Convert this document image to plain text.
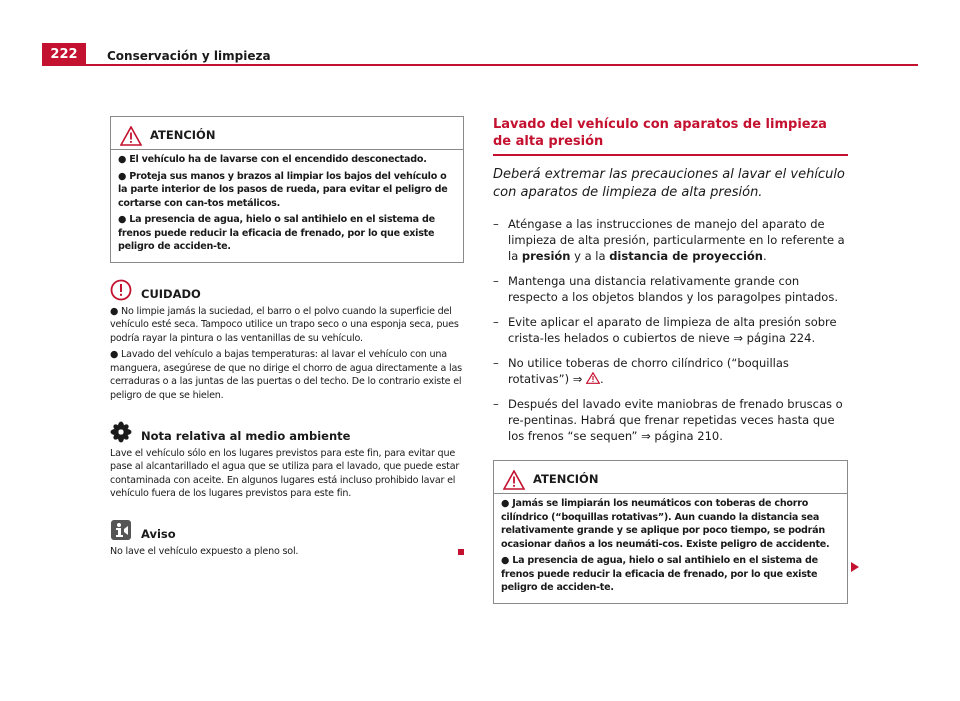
222	Conservación y limpieza
ATENCIÓN

● El vehículo ha de lavarse con el encendido desconectado.

● Proteja sus manos y brazos al limpiar los bajos del vehículo o la parte interior de los pasos de rueda, para evitar el peligro de cortarse con can-tos metálicos.

● La presencia de agua, hielo o sal antihielo en el sistema de frenos puede reducir la eficacia de frenado, por lo que existe peligro de acciden-te.

CUIDADO

● No limpie jamás la suciedad, el barro o el polvo cuando la superficie del vehículo esté seca. Tampoco utilice un trapo seco o una esponja seca, pues podría rayar la pintura o las ventanillas de su vehículo.

● Lavado del vehículo a bajas temperaturas: al lavar el vehículo con una manguera, asegúrese de que no dirige el chorro de agua directamente a las cerraduras o a las juntas de las puertas o del techo. De lo contrario existe el peligro de que se hielen.

Nota relativa al medio ambiente

Lave el vehículo sólo en los lugares previstos para este fin, para evitar que pase al alcantarillado el agua que se utiliza para el lavado, que puede estar contaminada con aceite. En algunos lugares está incluso prohibido lavar el vehículo fuera de los lugares previstos para este fin.

Aviso

No lave el vehículo expuesto a pleno sol.

Lavado del vehículo con aparatos de limpieza de alta presión
Deberá extremar las precauciones al lavar el vehículo con aparatos de limpieza de alta presión.
– Aténgase a las instrucciones de manejo del aparato de limpieza de alta presión, particularmente en lo referente a la presión y a la distancia de proyección.
– Mantenga una distancia relativamente grande con respecto a los objetos blandos y los paragolpes pintados.
– Evite aplicar el aparato de limpieza de alta presión sobre crista-les helados o cubiertos de nieve ⇒ página 224.
– No utilice toberas de chorro cilíndrico (“boquillas rotativas”) ⇒ .
– Después del lavado evite maniobras de frenado bruscas o re-pentinas. Habrá que frenar repetidas veces hasta que los frenos “se sequen” ⇒ página 210.
ATENCIÓN

● Jamás se limpiarán los neumáticos con toberas de chorro cilíndrico (“boquillas rotativas”). Aun cuando la distancia sea relativamente grande y se aplique por poco tiempo, se podrán ocasionar daños a los neumáti-cos. Existe peligro de accidente.

● La presencia de agua, hielo o sal antihielo en el sistema de frenos puede reducir la eficacia de frenado, por lo que existe peligro de acciden-te.
